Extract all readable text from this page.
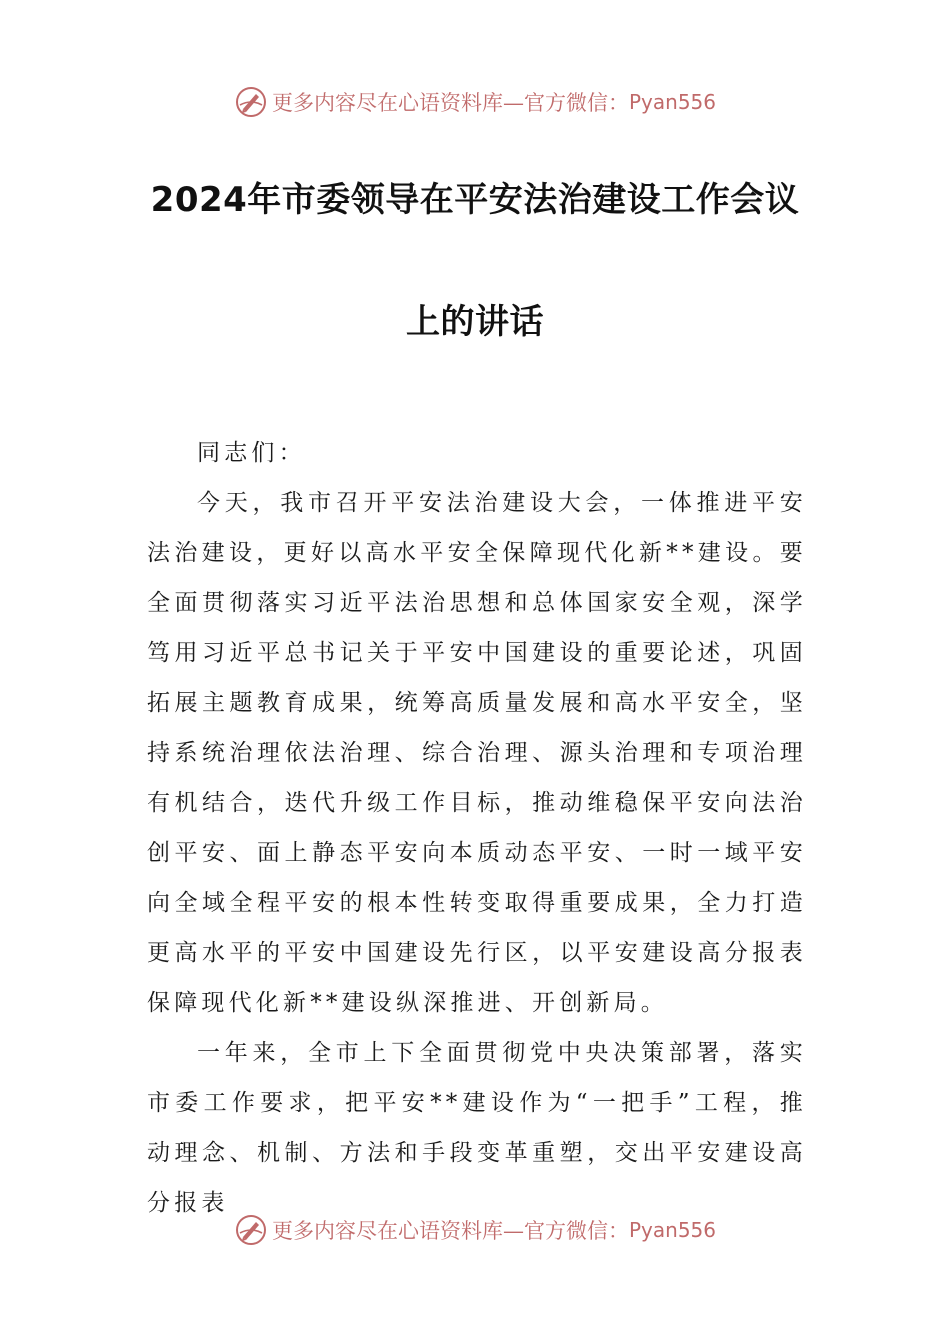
更多内容尽在心语资料库—官方微信： Pyan556
2024年市委领导在平安法治建设工作会议
上的讲话

同志们：

今天，我市召开平安法治建设大会，一体推进平安法治建设，更好以高水平安全保障现代化新**建设。要全面贯彻落实习近平法治思想和总体国家安全观，深学笃用习近平总书记关于平安中国建设的重要论述，巩固拓展主题教育成果，统筹高质量发展和高水平安全，坚持系统治理依法治理、综合治理、源头治理和专项治理有机结合，迭代升级工作目标，推动维稳保平安向法治创平安、面上静态平安向本质动态平安、一时一域平安向全域全程平安的根本性转变取得重要成果，全力打造更高水平的平安中国建设先行区，以平安建设高分报表保障现代化新**建设纵深推进、开创新局。

一年来，全市上下全面贯彻党中央决策部署，落实市委工作要求，把平安**建设作为“一把手”工程，推动理念、机制、方法和手段变革重塑，交出平安建设高分报表

更多内容尽在心语资料库—官方微信： Pyan556
